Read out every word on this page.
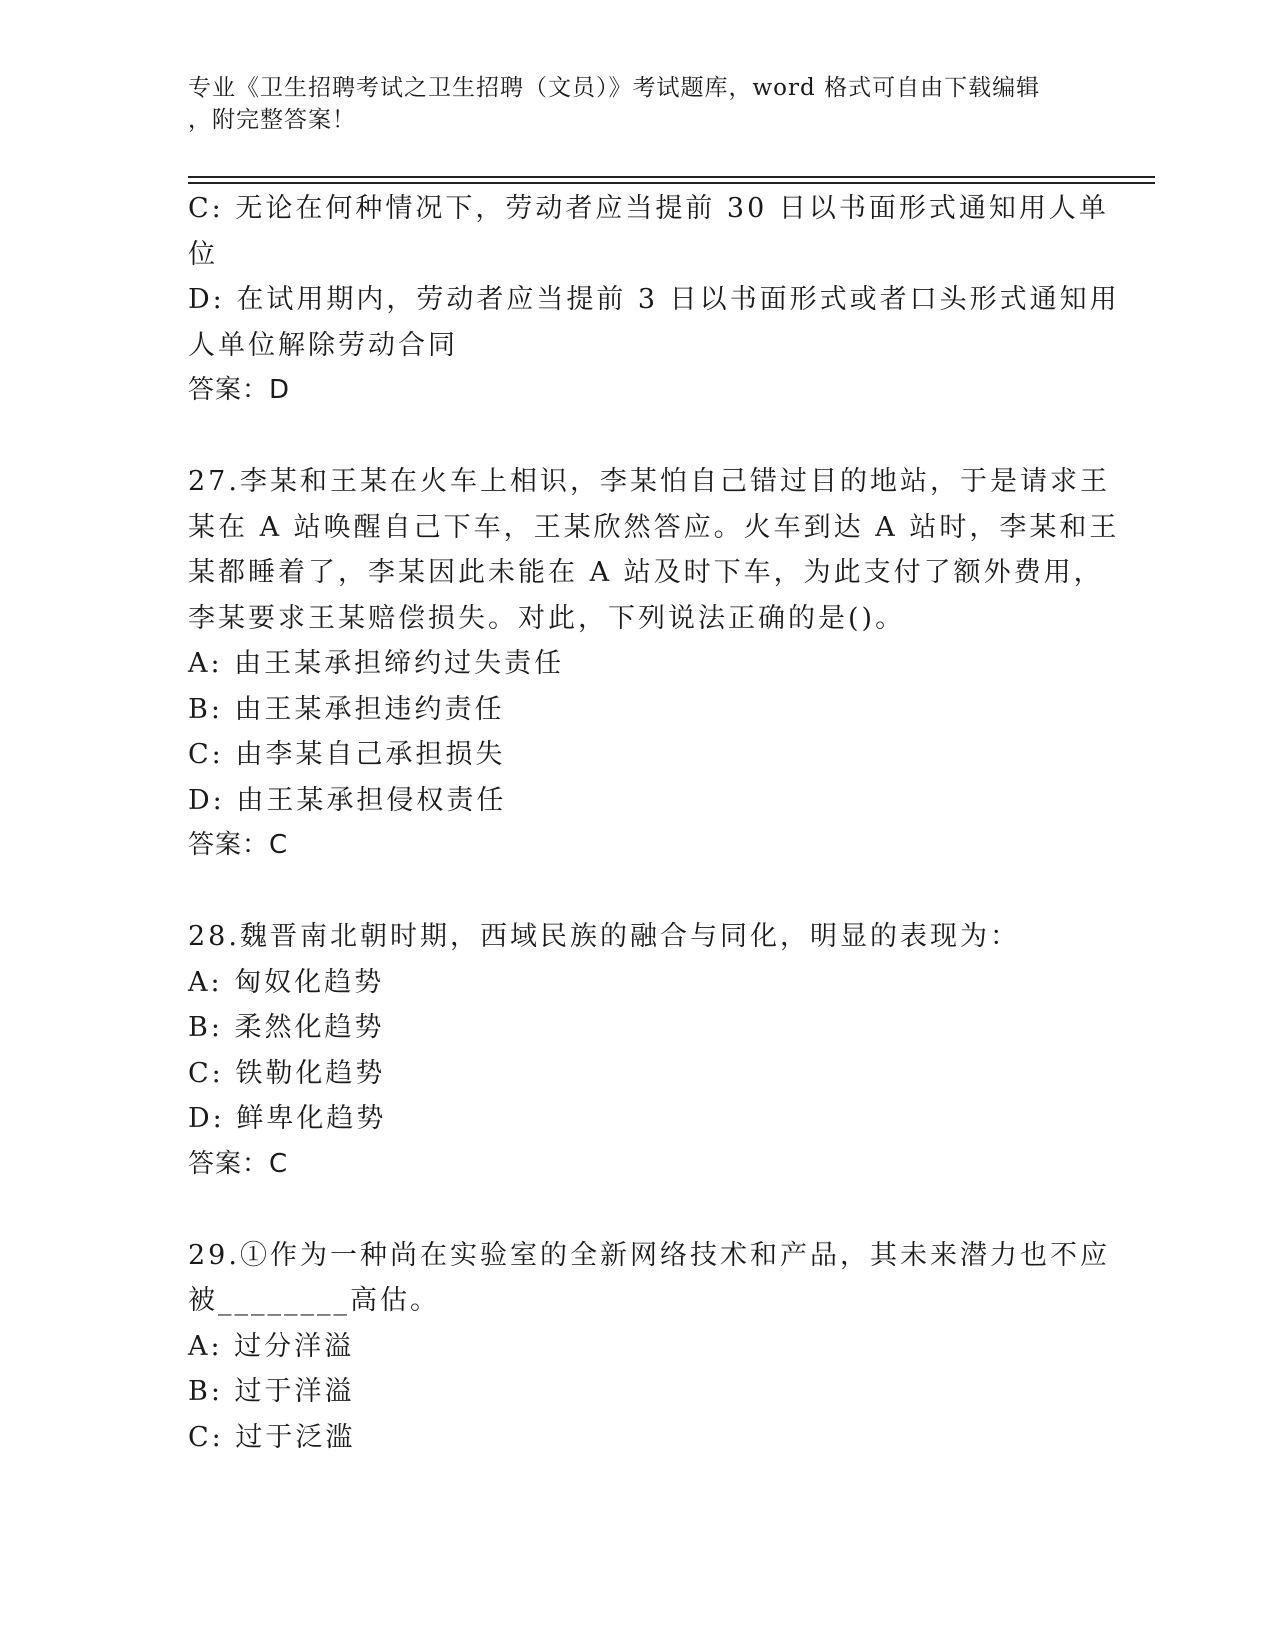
专业《卫生招聘考试之卫生招聘（文员）》考试题库，word 格式可自由下载编辑
，附完整答案！
C: 无论在何种情况下，劳动者应当提前 30 日以书面形式通知用人单
位
D: 在试用期内，劳动者应当提前 3 日以书面形式或者口头形式通知用
人单位解除劳动合同
答案：D
27.李某和王某在火车上相识，李某怕自己错过目的地站，于是请求王
某在 A 站唤醒自己下车，王某欣然答应。火车到达 A 站时，李某和王
某都睡着了，李某因此未能在 A 站及时下车，为此支付了额外费用，
李某要求王某赔偿损失。对此，下列说法正确的是()。
A: 由王某承担缔约过失责任
B: 由王某承担违约责任
C: 由李某自己承担损失
D: 由王某承担侵权责任
答案：C
28.魏晋南北朝时期，西域民族的融合与同化，明显的表现为：
A: 匈奴化趋势
B: 柔然化趋势
C: 铁勒化趋势
D: 鲜卑化趋势
答案：C
29.①作为一种尚在实验室的全新网络技术和产品，其未来潜力也不应
被________高估。
A: 过分洋溢
B: 过于洋溢
C: 过于泛滥
